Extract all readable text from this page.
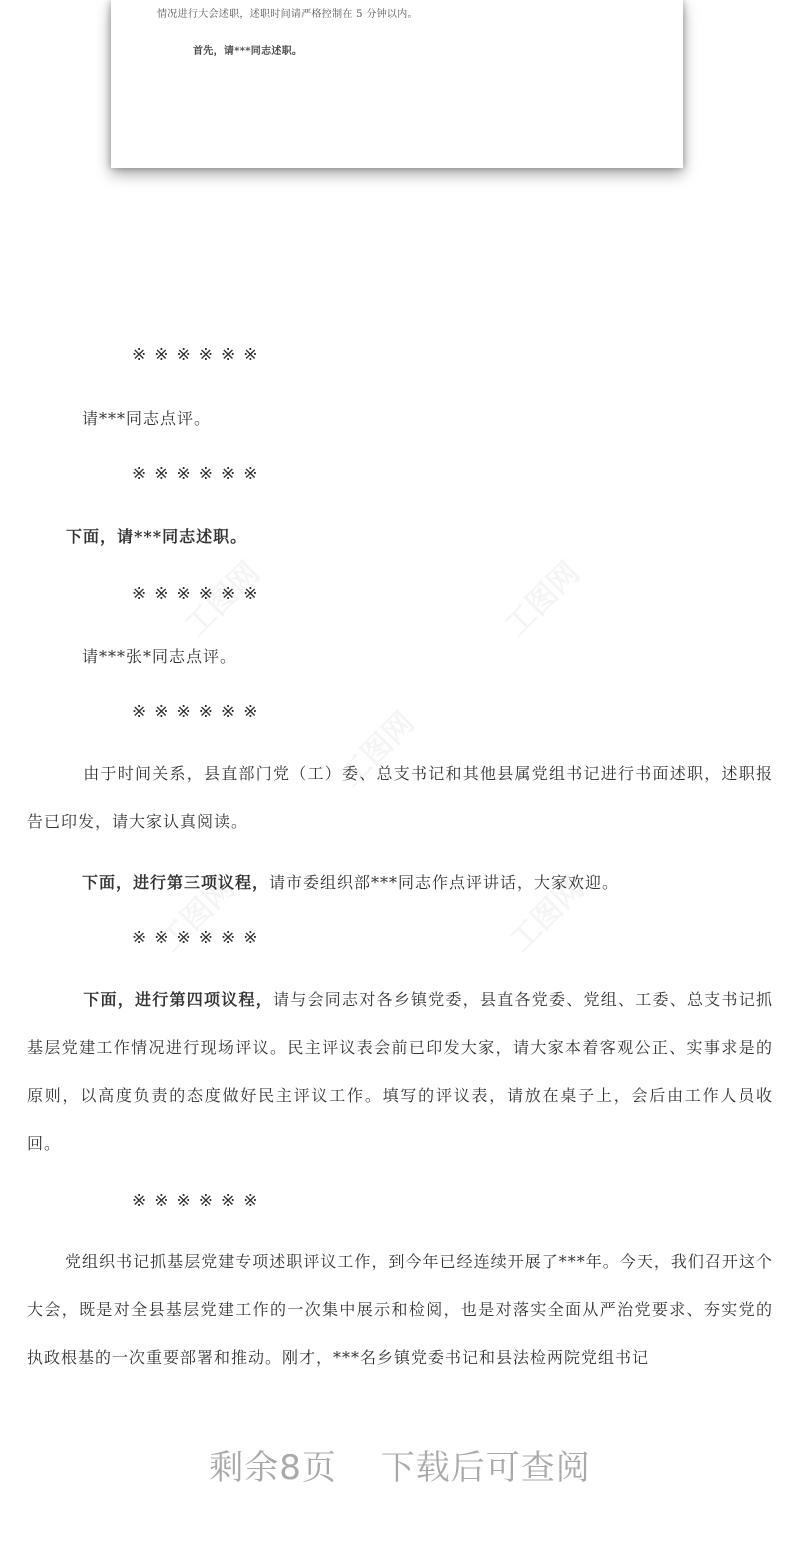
情况进行大会述职，述职时间请严格控制在 5 分钟以内。
首先，请***同志述职。
※※※※※※
请***同志点评。
※※※※※※
下面，请***同志述职。
※※※※※※
请***张*同志点评。
※※※※※※

由于时间关系，县直部门党（工）委、总支书记和其他县属党组书记进行书面述职，述职报告已印发，请大家认真阅读。

下面，进行第三项议程，请市委组织部***同志作点评讲话，大家欢迎。
※※※※※※

下面，进行第四项议程，请与会同志对各乡镇党委，县直各党委、党组、工委、总支书记抓基层党建工作情况进行现场评议。民主评议表会前已印发大家，请大家本着客观公正、实事求是的原则，以高度负责的态度做好民主评议工作。填写的评议表，请放在桌子上，会后由工作人员收回。

※※※※※※

党组织书记抓基层党建专项述职评议工作，到今年已经连续开展了***年。今天，我们召开这个大会，既是对全县基层党建工作的一次集中展示和检阅，也是对落实全面从严治党要求、夯实党的执政根基的一次重要部署和推动。刚才，***名乡镇党委书记和县法检两院党组书记

剩余8页 下载后可查阅
